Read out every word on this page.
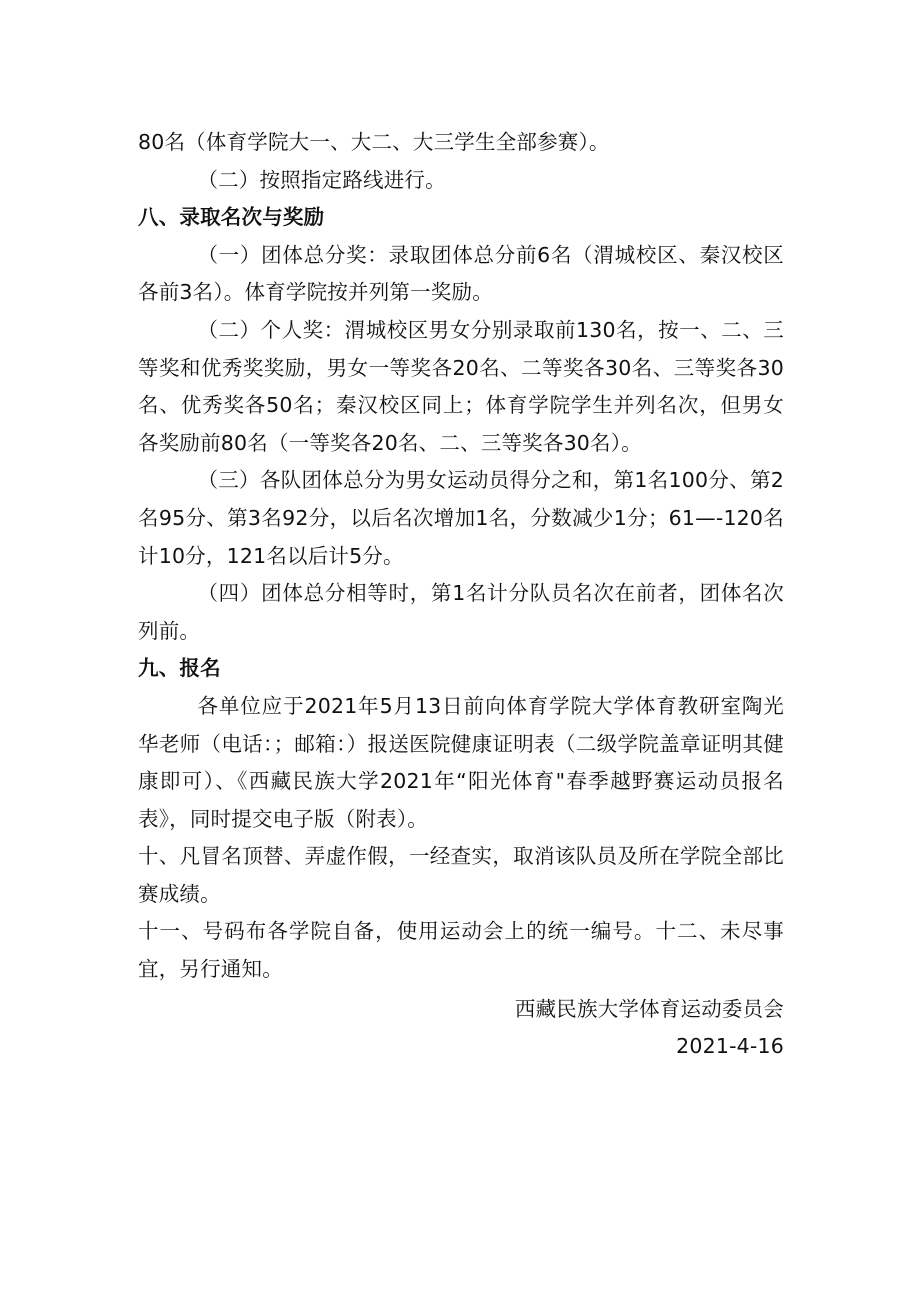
80名（体育学院大一、大二、大三学生全部参赛）。

（二）按照指定路线进行。

八、录取名次与奖励

（一）团体总分奖：录取团体总分前6名（渭城校区、秦汉校区各前3名）。体育学院按并列第一奖励。

（二）个人奖：渭城校区男女分别录取前130名，按一、二、三等奖和优秀奖奖励，男女一等奖各20名、二等奖各30名、三等奖各30名、优秀奖各50名；秦汉校区同上；体育学院学生并列名次，但男女各奖励前80名（一等奖各20名、二、三等奖各30名）。

（三）各队团体总分为男女运动员得分之和，第1名100分、第2名95分、第3名92分，以后名次增加1名，分数减少1分；61—-120名计10分，121名以后计5分。

（四）团体总分相等时，第1名计分队员名次在前者，团体名次列前。

九、报名

各单位应于2021年5月13日前向体育学院大学体育教研室陶光华老师（电话：；邮箱：）报送医院健康证明表（二级学院盖章证明其健康即可）、《西藏民族大学2021年“阳光体育"春季越野赛运动员报名表》，同时提交电子版（附表）。

十、凡冒名顶替、弄虚作假，一经查实，取消该队员及所在学院全部比赛成绩。

十一、号码布各学院自备，使用运动会上的统一编号。十二、未尽事宜，另行通知。

西藏民族大学体育运动委员会

2021-4-16
